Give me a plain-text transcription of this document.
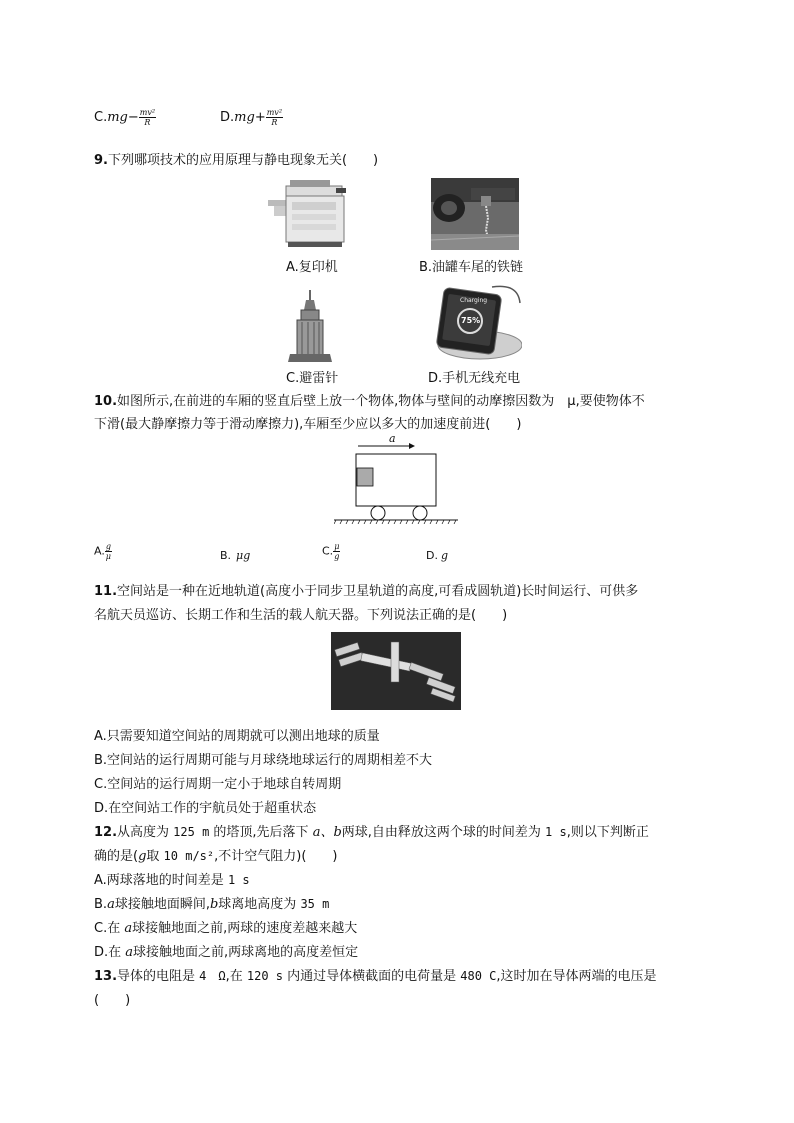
$C.mg- \frac{\text{mv²}}{R}$	$D.mg+ \frac{\text{mv²}}{R}$
9.下列哪项技术的应用原理与静电现象无关(　　)
A.复印机	B.油罐车尾的铁链
C.避雷针
Charging
75%
D.手机无线充电
10.如图所示,在前进的车厢的竖直后壁上放一个物体,物体与壁间的动摩擦因数为　μ,要使物体不
下滑(最大静摩擦力等于滑动摩擦力),车厢至少应以多大的加速度前进(　　)
a
A. $\frac{g}{\mu}$	B. μg	C. $\frac{\mu}{g}$	D. g
11.空间站是一种在近地轨道(高度小于同步卫星轨道的高度,可看成圆轨道)长时间运行、可供多
名航天员巡访、长期工作和生活的载人航天器。下列说法正确的是(　　)
A.只需要知道空间站的周期就可以测出地球的质量
B.空间站的运行周期可能与月球绕地球运行的周期相差不大
C.空间站的运行周期一定小于地球自转周期
D.在空间站工作的宇航员处于超重状态
12.从高度为 125 m 的塔顶,先后落下 a、b两球,自由释放这两个球的时间差为 1 s,则以下判断正
确的是(g取 10 m/s²,不计空气阻力)(　　)
A.两球落地的时间差是 1 s
B.a球接触地面瞬间,b球离地高度为 35 m
C.在 a球接触地面之前,两球的速度差越来越大
D.在 a球接触地面之前,两球离地的高度差恒定
13.导体的电阻是 4　Ω,在 120 s 内通过导体横截面的电荷量是 480 C,这时加在导体两端的电压是
(　　)
